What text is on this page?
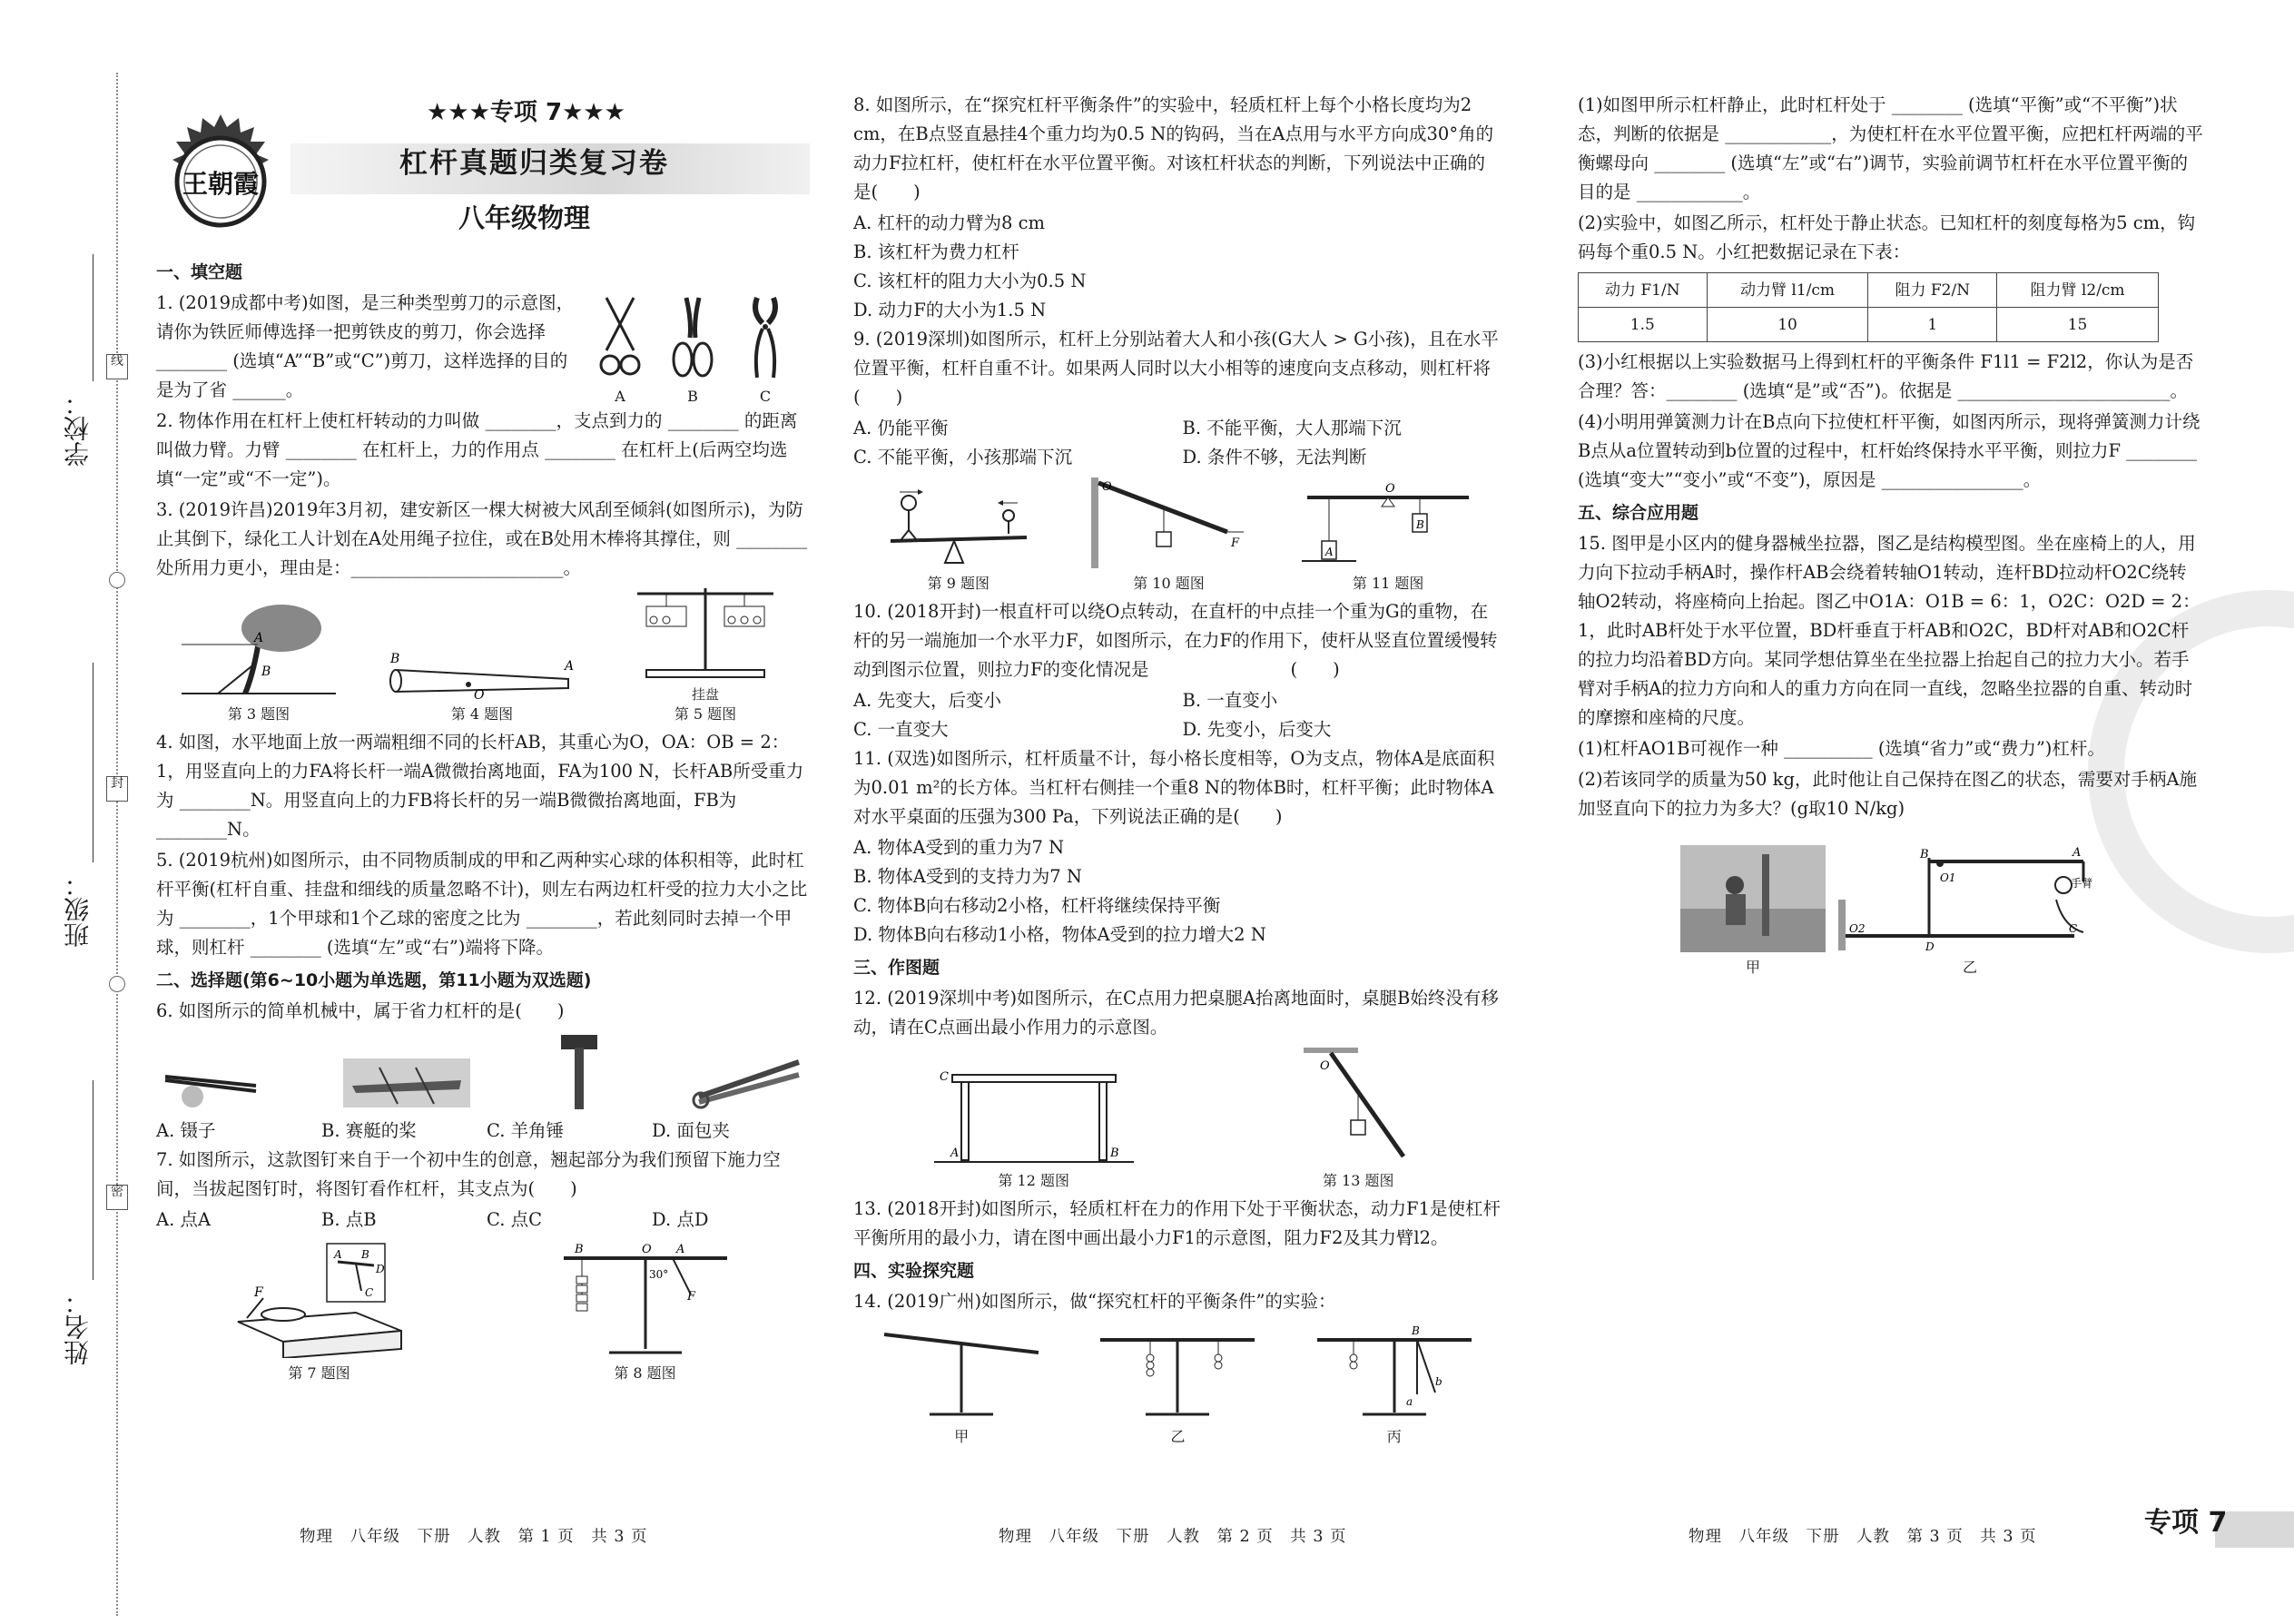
学校：
班级：
姓名：
线
封
密
王朝霞
★★★专项 7★★★
杠杆真题归类复习卷
八年级物理
一、填空题

1. (2019成都中考)如图，是三种类型剪刀的示意图，请你为铁匠师傅选择一把剪铁皮的剪刀，你会选择 ________ (选填“A”“B”或“C”)剪刀，这样选择的目的是为了省 ______。	A	B	C

2. 物体作用在杠杆上使杠杆转动的力叫做 ________，支点到力的 ________ 的距离叫做力臂。力臂 ________ 在杠杆上，力的作用点 ________ 在杠杆上(后两空均选填“一定”或“不一定”)。

3. (2019许昌)2019年3月初，建安新区一棵大树被大风刮至倾斜(如图所示)，为防止其倒下，绿化工人计划在A处用绳子拉住，或在B处用木棒将其撑住，则 ________ 处所用力更小，理由是：________________________。

A
B
第 3 题图
B	A
O
第 4 题图
挂盘
第 5 题图

4. 如图，水平地面上放一两端粗细不同的长杆AB，其重心为O，OA：OB = 2：1，用竖直向上的力FA将长杆一端A微微抬离地面，FA为100 N，长杆AB所受重力为 ________N。用竖直向上的力FB将长杆的另一端B微微抬离地面，FB为 ________N。

5. (2019杭州)如图所示，由不同物质制成的甲和乙两种实心球的体积相等，此时杠杆平衡(杠杆自重、挂盘和细线的质量忽略不计)，则左右两边杠杆受的拉力大小之比为 ________，1个甲球和1个乙球的密度之比为 ________，若此刻同时去掉一个甲球，则杠杆 ________ (选填“左”或“右”)端将下降。

二、选择题(第6~10小题为单选题，第11小题为双选题)

6. 如图所示的简单机械中，属于省力杠杆的是(　　)

A. 镊子	B. 赛艇的桨	C. 羊角锤	D. 面包夹

7. 如图所示，这款图钉来自于一个初中生的创意，翘起部分为我们预留下施力空间，当拔起图钉时，将图钉看作杠杆，其支点为(　　)

A. 点A	B. 点B	C. 点C	D. 点D
F
A B
D
C
第 7 题图
B	O A
30°
F
第 8 题图

8. 如图所示，在“探究杠杆平衡条件”的实验中，轻质杠杆上每个小格长度均为2 cm，在B点竖直悬挂4个重力均为0.5 N的钩码，当在A点用与水平方向成30°角的动力F拉杠杆，使杠杆在水平位置平衡。对该杠杆状态的判断，下列说法中正确的是(　　)

A. 杠杆的动力臂为8 cm
B. 该杠杆为费力杠杆
C. 该杠杆的阻力大小为0.5 N
D. 动力F的大小为1.5 N

9. (2019深圳)如图所示，杠杆上分别站着大人和小孩(G大人 > G小孩)，且在水平位置平衡，杠杆自重不计。如果两人同时以大小相等的速度向支点移动，则杠杆将(　　)

A. 仍能平衡	B. 不能平衡，大人那端下沉
C. 不能平衡，小孩那端下沉	D. 条件不够，无法判断
第 9 题图
O
F
第 10 题图
O
A
B
第 11 题图

10. (2018开封)一根直杆可以绕O点转动，在直杆的中点挂一个重为G的重物，在杆的另一端施加一个水平力F，如图所示，在力F的作用下，使杆从竖直位置缓慢转动到图示位置，则拉力F的变化情况是　　　　　　　　(　　)

A. 先变大，后变小	B. 一直变小
C. 一直变大	D. 先变小，后变大

11. (双选)如图所示，杠杆质量不计，每小格长度相等，O为支点，物体A是底面积为0.01 m²的长方体。当杠杆右侧挂一个重8 N的物体B时，杠杆平衡；此时物体A对水平桌面的压强为300 Pa，下列说法正确的是(　　)

A. 物体A受到的重力为7 N
B. 物体A受到的支持力为7 N
C. 物体B向右移动2小格，杠杆将继续保持平衡
D. 物体B向右移动1小格，物体A受到的拉力增大2 N
三、作图题

12. (2019深圳中考)如图所示，在C点用力把桌腿A抬离地面时，桌腿B始终没有移动，请在C点画出最小作用力的示意图。

C
A	B
第 12 题图
O
第 13 题图

13. (2018开封)如图所示，轻质杠杆在力的作用下处于平衡状态，动力F1是使杠杆平衡所用的最小力，请在图中画出最小力F1的示意图，阻力F2及其力臂l2。

四、实验探究题

14. (2019广州)如图所示，做“探究杠杆的平衡条件”的实验：

甲	乙
B
b
a
丙

(1)如图甲所示杠杆静止，此时杠杆处于 ________ (选填“平衡”或“不平衡”)状态，判断的依据是 ____________，为使杠杆在水平位置平衡，应把杠杆两端的平衡螺母向 ________ (选填“左”或“右”)调节，实验前调节杠杆在水平位置平衡的目的是 ____________。

(2)实验中，如图乙所示，杠杆处于静止状态。已知杠杆的刻度每格为5 cm，钩码每个重0.5 N。小红把数据记录在下表：

动力 F1/N	动力臂 l1/cm	阻力 F2/N	阻力臂 l2/cm
1.5	10	1	15

(3)小红根据以上实验数据马上得到杠杆的平衡条件 F1l1 = F2l2，你认为是否合理？答：________ (选填“是”或“否”)。依据是 ________________________。

(4)小明用弹簧测力计在B点向下拉使杠杆平衡，如图丙所示，现将弹簧测力计绕B点从a位置转动到b位置的过程中，杠杆始终保持水平平衡，则拉力F ________ (选填“变大”“变小”或“不变”)，原因是 ________________。

五、综合应用题

15. 图甲是小区内的健身器械坐拉器，图乙是结构模型图。坐在座椅上的人，用力向下拉动手柄A时，操作杆AB会绕着转轴O1转动，连杆BD拉动杆O2C绕转轴O2转动，将座椅向上抬起。图乙中O1A：O1B = 6：1，O2C：O2D = 2：1，此时AB杆处于水平位置，BD杆垂直于杆AB和O2C，BD杆对AB和O2C杆的拉力均沿着BD方向。某同学想估算坐在坐拉器上抬起自己的拉力大小。若手臂对手柄A的拉力方向和人的重力方向在同一直线，忽略坐拉器的自重、转动时的摩擦和座椅的尺度。

(1)杠杆AO1B可视作一种 __________ (选填“省力”或“费力”)杠杆。

(2)若该同学的质量为50 kg，此时他让自己保持在图乙的状态，需要对手柄A施加竖直向下的拉力为多大？(g取10 N/kg)

甲
B	A
O1
O2
D
C
手臂
乙
物理　八年级　下册　人教　第 1 页　共 3 页	物理　八年级　下册　人教　第 2 页　共 3 页	物理　八年级　下册　人教　第 3 页　共 3 页	专项 7
